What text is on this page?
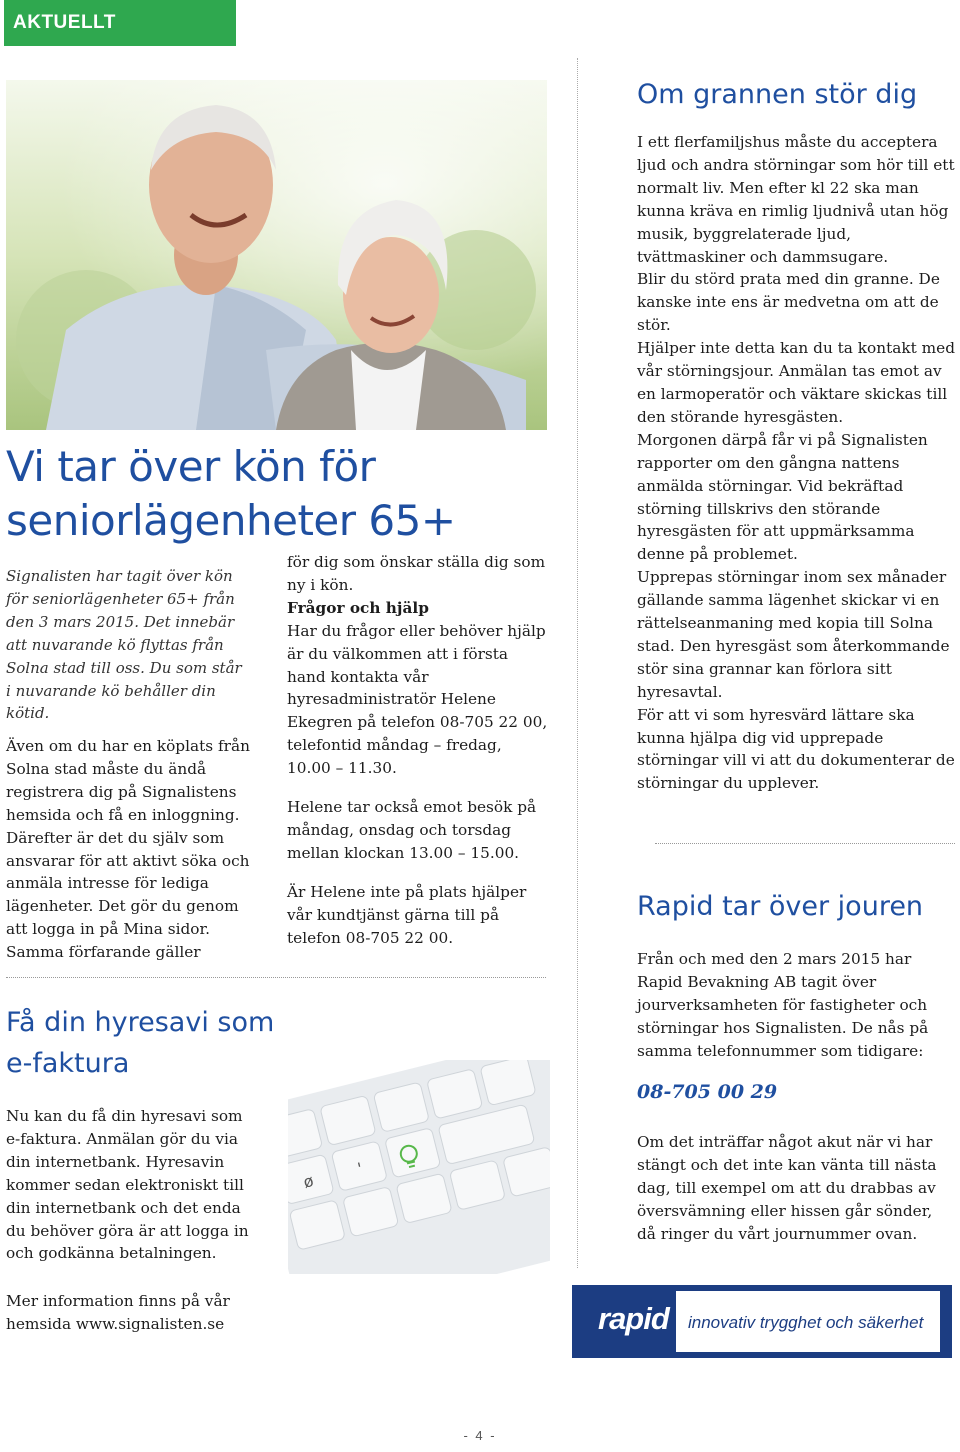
AKTUELLT
Vi tar över kön för seniorlägenheter 65+

Signalisten har tagit över kön för seniorlägenheter 65+ från den 3 mars 2015. Det innebär att nuvarande kö flyttas från Solna stad till oss. Du som står i nuvarande kö behåller din kötid.

Även om du har en köplats från Solna stad måste du ändå registrera dig på Signalistens hemsida och få en inloggning. Därefter är det du själv som ansvarar för att aktivt söka och anmäla intresse för lediga lägenheter. Det gör du genom att logga in på Mina sidor. Samma förfarande gäller

för dig som önskar ställa dig som ny i kön.

Frågor och hjälp

Har du frågor eller behöver hjälp är du välkommen att i första hand kontakta vår hyresadministratör Helene Ekegren på telefon 08-705 22 00, telefontid måndag – fredag, 10.00 – 11.30.

Helene tar också emot besök på måndag, onsdag och torsdag mellan klockan 13.00 – 15.00.

Är Helene inte på plats hjälper vår kundtjänst gärna till på telefon 08-705 22 00.

Få din hyresavi som
e-faktura

Nu kan du få din hyresavi som e-faktura. Anmälan gör du via din internetbank. Hyresavin kommer sedan elektroniskt till din internetbank och det enda du behöver göra är att logga in och godkänna betalningen.

Mer information finns på vår hemsida www.signalisten.se

ø
'
Om grannen stör dig

I ett flerfamiljshus måste du acceptera ljud och andra störningar som hör till ett normalt liv. Men efter kl 22 ska man kunna kräva en rimlig ljudnivå utan hög musik, byggrelaterade ljud, tvättmaskiner och dammsugare.

Blir du störd prata med din granne. De kanske inte ens är medvetna om att de stör.

Hjälper inte detta kan du ta kontakt med vår störningsjour. Anmälan tas emot av en larmoperatör och väktare skickas till den störande hyresgästen.

Morgonen därpå får vi på Signalisten rapporter om den gångna nattens anmälda störningar. Vid bekräftad störning tillskrivs den störande hyresgästen för att uppmärksamma denne på problemet.

Upprepas störningar inom sex månader gällande samma lägenhet skickar vi en rättelseanmaning med kopia till Solna stad. Den hyresgäst som återkommande stör sina grannar kan förlora sitt hyresavtal.

För att vi som hyresvärd lättare ska kunna hjälpa dig vid upprepade störningar vill vi att du dokumenterar de störningar du upplever.

Rapid tar över jouren

Från och med den 2 mars 2015 har Rapid Bevakning AB tagit över jourverksamheten för fastigheter och störningar hos Signalisten. De nås på samma telefonnummer som tidigare:

08-705 00 29

Om det inträffar något akut när vi har stängt och det inte kan vänta till nästa dag, till exempel om att du drabbas av översvämning eller hissen går sönder, då ringer du vårt journummer ovan.

rapid innovativ trygghet och säkerhet
- 4 -
